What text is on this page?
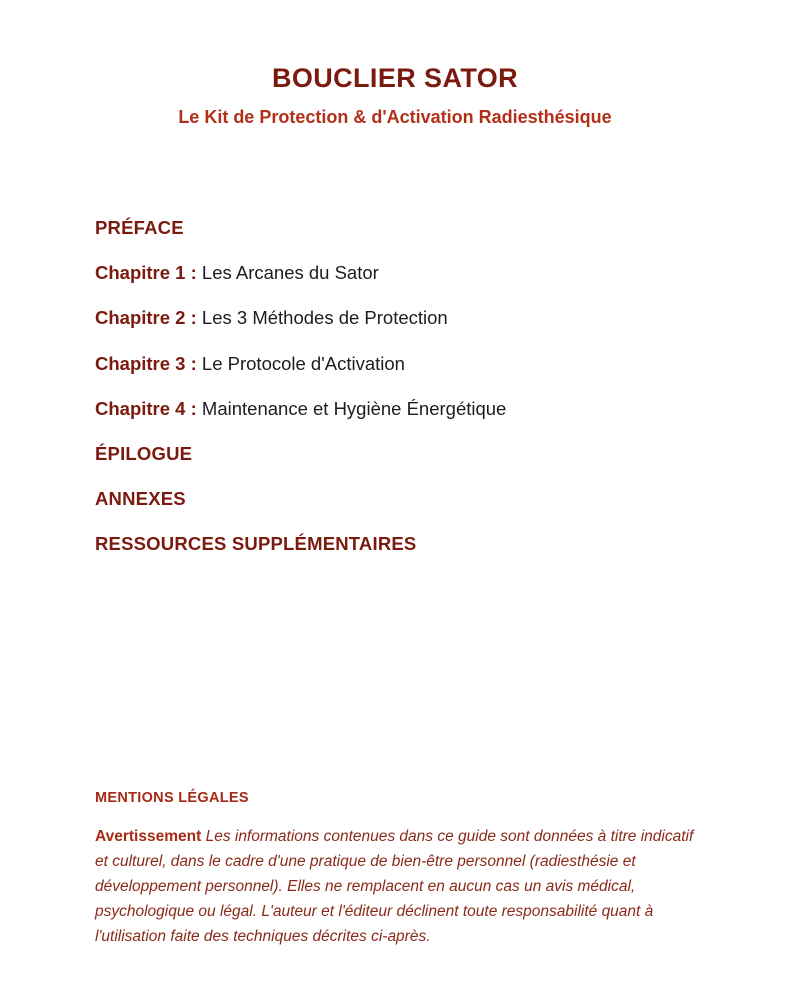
BOUCLIER SATOR
Le Kit de Protection & d'Activation Radiesthésique
PRÉFACE
Chapitre 1 : Les Arcanes du Sator
Chapitre 2 : Les 3 Méthodes de Protection
Chapitre 3 : Le Protocole d'Activation
Chapitre 4 : Maintenance et Hygiène Énergétique
ÉPILOGUE
ANNEXES
RESSOURCES SUPPLÉMENTAIRES
MENTIONS LÉGALES

Avertissement Les informations contenues dans ce guide sont données à titre indicatif et culturel, dans le cadre d'une pratique de bien-être personnel (radiesthésie et développement personnel). Elles ne remplacent en aucun cas un avis médical, psychologique ou légal. L'auteur et l'éditeur déclinent toute responsabilité quant à l'utilisation faite des techniques décrites ci-après.
